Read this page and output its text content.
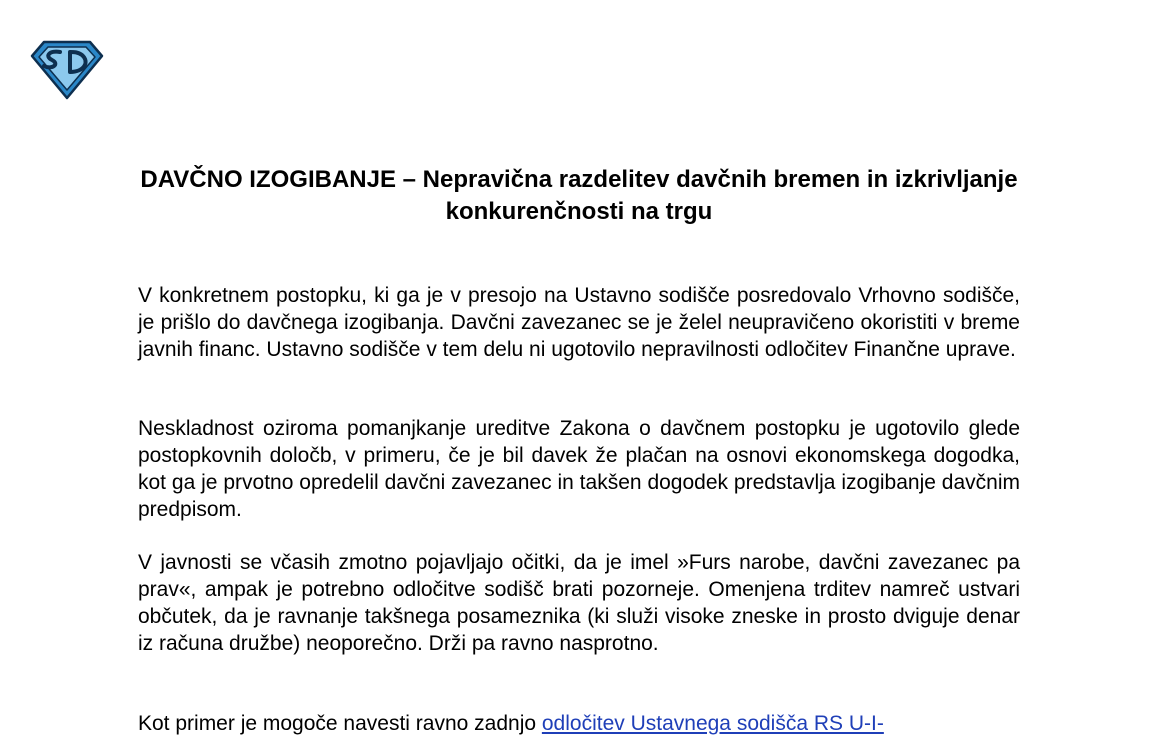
DAVČNO IZOGIBANJE – Nepravična razdelitev davčnih bremen in izkrivljanje konkurenčnosti na trgu

V konkretnem postopku, ki ga je v presojo na Ustavno sodišče posredovalo Vrhovno sodišče, je prišlo do davčnega izogibanja. Davčni zavezanec se je želel neupravičeno okoristiti v breme javnih financ. Ustavno sodišče v tem delu ni ugotovilo nepravilnosti odločitev Finančne uprave.

Neskladnost oziroma pomanjkanje ureditve Zakona o davčnem postopku je ugotovilo glede postopkovnih določb, v primeru, če je bil davek že plačan na osnovi ekonomskega dogodka, kot ga je prvotno opredelil davčni zavezanec in takšen dogodek predstavlja izogibanje davčnim predpisom.

V javnosti se včasih zmotno pojavljajo očitki, da je imel »Furs narobe, davčni zavezanec pa prav«, ampak je potrebno odločitve sodišč brati pozorneje. Omenjena trditev namreč ustvari občutek, da je ravnanje takšnega posameznika (ki služi visoke zneske in prosto dviguje denar iz računa družbe) neoporečno. Drži pa ravno nasprotno.

Kot primer je mogoče navesti ravno zadnjo odločitev Ustavnega sodišča RS U-I-
